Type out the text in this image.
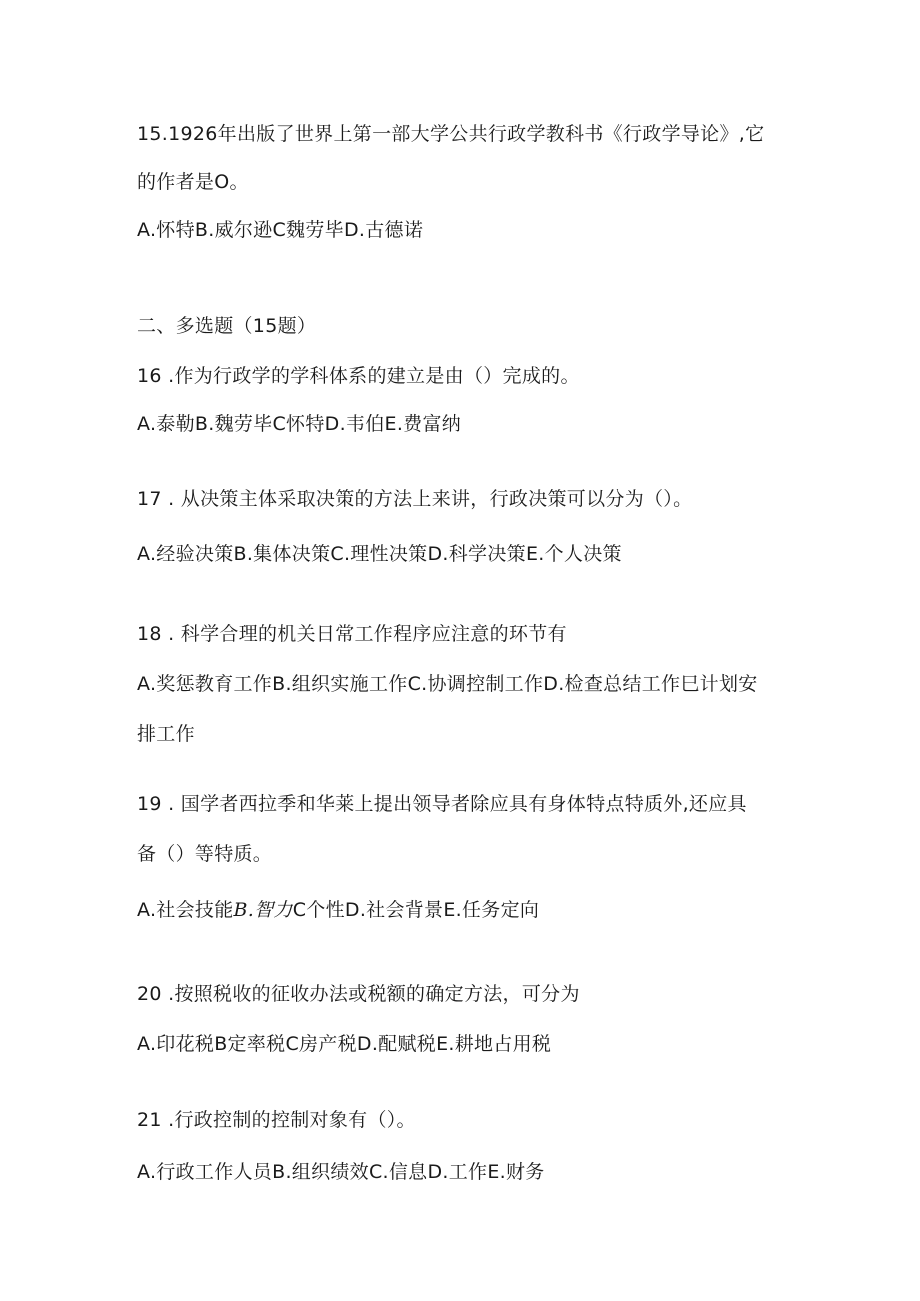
15.1926年出版了世界上第一部大学公共行政学教科书《行政学导论》,它
的作者是O。
A.怀特B.威尔逊C魏劳毕D.古德诺
二、多选题（15题）
16 .作为行政学的学科体系的建立是由（）完成的。
A.泰勒B.魏劳毕C怀特D.韦伯E.费富纳
17 . 从决策主体采取决策的方法上来讲，行政决策可以分为（）。
A.经验决策B.集体决策C.理性决策D.科学决策E.个人决策
18 . 科学合理的机关日常工作程序应注意的环节有
A.奖惩教育工作B.组织实施工作C.协调控制工作D.检查总结工作巳计划安
排工作
19 . 国学者西拉季和华莱上提出领导者除应具有身体特点特质外,还应具
备（）等特质。
A.社会技能B.智力C个性D.社会背景E.任务定向
20 .按照税收的征收办法或税额的确定方法，可分为
A.印花税B定率税C房产税D.配赋税E.耕地占用税
21 .行政控制的控制对象有（）。
A.行政工作人员B.组织绩效C.信息D.工作E.财务
